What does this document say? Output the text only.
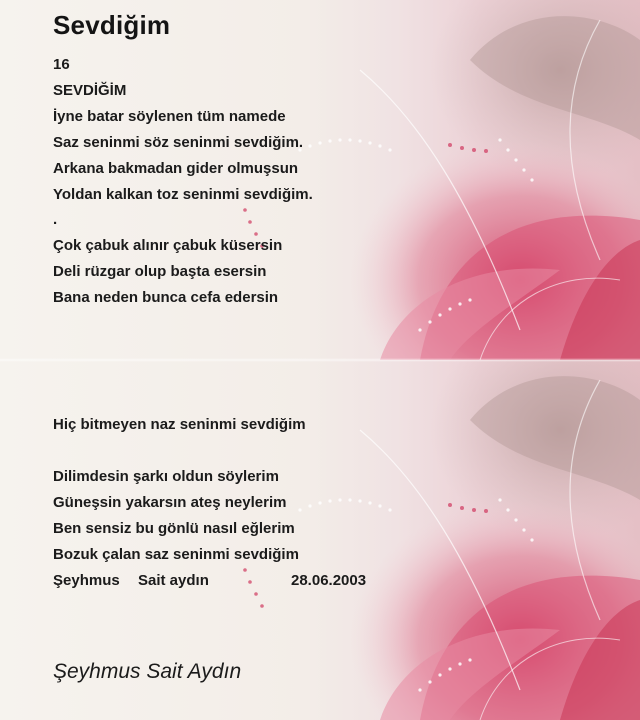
Sevdiğim

16

SEVDİĞİM

İyne batar söylenen tüm namede

Saz seninmi söz seninmi sevdiğim.

Arkana bakmadan gider olmuşsun

Yoldan kalkan toz seninmi sevdiğim.

.

Çok çabuk alınır çabuk küsersin

Deli rüzgar olup başta esersin

Bana neden bunca cefa edersin

Hiç bitmeyen naz seninmi sevdiğim

Dilimdesin şarkı oldun söylerim

Güneşsin yakarsın ateş neylerim

Ben sensiz bu gönlü nasıl eğlerim

Bozuk çalan saz seninmi sevdiğim

Şeyhmus Sait aydın	28.06.2003

Şeyhmus Sait Aydın
